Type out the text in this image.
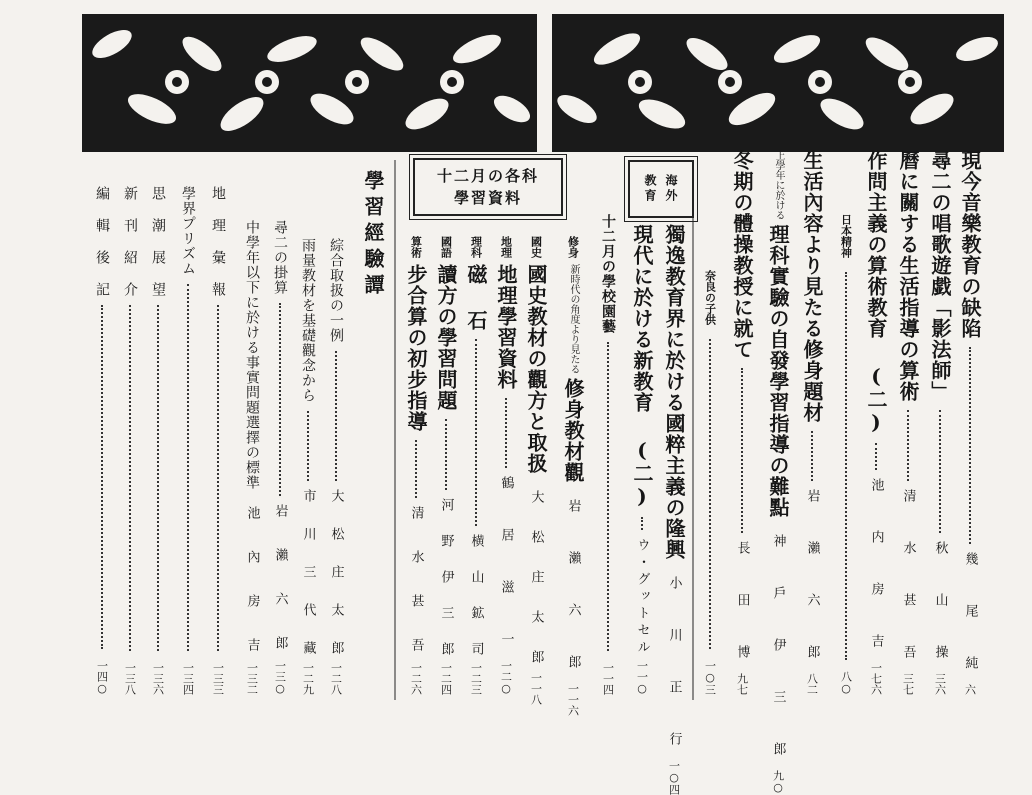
現今音樂教育の缺陷
幾 尾 純
六
尋二の唱歌遊戯「影法師」
秋 山 操
三六
曆に關する生活指導の算術
清 水 甚 吾
三七
作問主義の算術教育 (二)
池 内 房 吉
一七六
日本精神
八○
生活內容より見たる修身題材
岩 瀨 六 郎
八二
上學年に於ける
理科實驗の自發學習指導の難點
神 戶 伊 三 郎
九○
冬期の體操教授に就て
長 田 博
九七
奈良の子供
一○三
海外
教育
獨逸教育界に於ける國粹主義の隆興
小 川 正 行
一○四
現代に於ける新教育 (二)
ウ・グットセル
一一○
十二月の各科學習資料
十二月の學校園藝
一一四
修身
新時代の角度より見たる
修身教材觀
岩 瀨 六 郎
一一六
國史
國史教材の觀方と取扱
大 松 庄 太 郎
一一八
地理
地理學習資料
鶴 居 滋 一
一二○
理科
磁 石
横 山 鉱 司
一二三
國語
讀方の學習問題
河 野 伊 三 郎
一二四
算術
步合算の初步指導
清 水 甚 吾
一二六
學習經驗譚
綜合取扱の一例
大 松 庄 太 郎
一二八
雨量教材を基礎觀念から
市 川 三 代 藏
一二九
尋二の掛算
岩 瀨 六 郎
一三○
中學年以下に於ける事實問題選擇の標準
池 內 房 吉
一三二
地 理 彙 報
一三三
學界プリズム
一三四
思 潮 展 望
一三六
新 刊 紹 介
一三八
編 輯 後 記
一四○
